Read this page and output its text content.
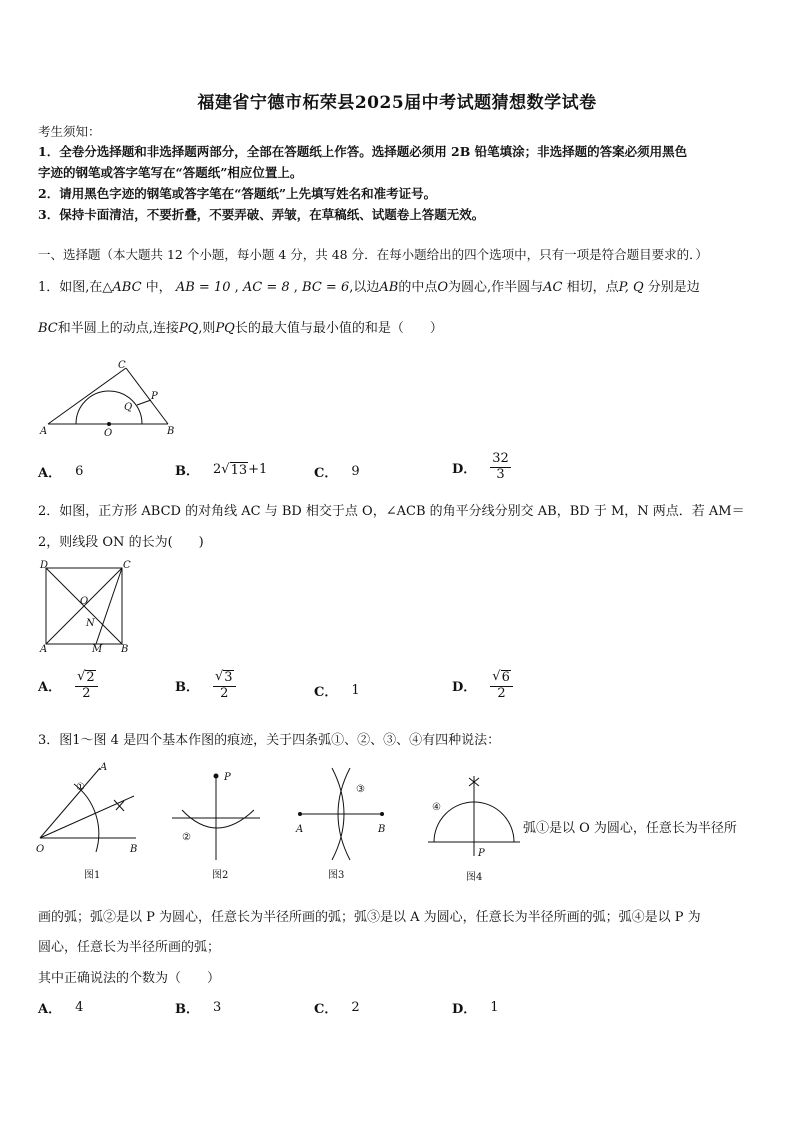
福建省宁德市柘荣县2025届中考试题猜想数学试卷
考生须知：
1．全卷分选择题和非选择题两部分，全部在答题纸上作答。选择题必须用 2B 铅笔填涂；非选择题的答案必须用黑色
字迹的钢笔或答字笔写在“答题纸”相应位置上。
2．请用黑色字迹的钢笔或答字笔在“答题纸”上先填写姓名和准考证号。
3．保持卡面清洁，不要折叠，不要弄破、弄皱，在草稿纸、试题卷上答题无效。
一、选择题（本大题共 12 个小题，每小题 4 分，共 48 分．在每小题给出的四个选项中，只有一项是符合题目要求的．）
1．如图,在△ABC 中， AB = 10 , AC = 8 , BC = 6,以边AB的中点O为圆心,作半圆与AC 相切，点P, Q 分别是边
BC和半圆上的动点,连接PQ,则PQ长的最大值与最小值的和是（　　）
A	B
C
O
P
Q
A． 6	B． 2 √ 13 +1	C． 9	D． $\frac{32}{3}$
2．如图，正方形 ABCD 的对角线 AC 与 BD 相交于点 O，∠ACB 的角平分线分别交 AB，BD 于 M，N 两点．若 AM＝
2，则线段 ON 的长为(　　)
D	C
A	B
O
N
M
A． $\frac{√ 2}{2}$	B． $\frac{√ 3}{2}$	C． 1	D． $\frac{√ 6}{2}$
3．图1～图 4 是四个基本作图的痕迹，关于四条弧①、②、③、④有四种说法：
A
O	B
①
图1
P
②
图2
A	B
③
图3
P
④
图4
弧①是以 O 为圆心，任意长为半径所
画的弧；弧②是以 P 为圆心，任意长为半径所画的弧；弧③是以 A 为圆心，任意长为半径所画的弧；弧④是以 P 为
圆心，任意长为半径所画的弧；
其中正确说法的个数为（　　）
A． 4	B． 3	C． 2	D． 1
